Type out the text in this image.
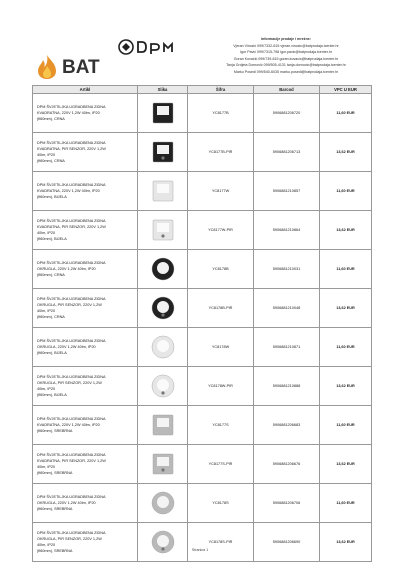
BAT
Informacije prodaje i mrežne:
Vjeran Vinozić 099/7332-615 vjeran.vinozic@batprodaja.tcenter.hr
Igor Pavić 099/7315-798 igor.pavic@batprodaja.tcenter.hr
Goran Kovačić 099/739-615 goran.kovacic@batprodaja.tcenter.hr
Tanja Grdjeta Dornović 099/505-4131 tanja.dornovic@batprodaja.tcenter.hr
Marko Posedi 099/540-6035 marko.posedi@batprodaja.tcenter.hr
Artikl	Slika	Šifra	Barcod	VPC U EUR

DPM ŠVJETILJKA UGRADBENA ZIDNA
KVADRATNA, 220V 1,2W 40lm, IP20
(fi60mm), CRNA		YC8177B	5906881206720	11,60 EUR

DPM ŠVJETILJKA UGRADBENA ZIDNA
KVADRATNA, PIR SENZOR, 220V 1,2W
40lm, IP20
(fi60mm), CRNA		YC8177B-PIR	5906881206713	13,62 EUR

DPM ŠVJETILJKA UGRADBENA ZIDNA
KVADRATNA, 220V 1,2W 40lm, IP20
(fi60mm), BIJELA		YC8177W	5906881210857	11,60 EUR

DPM ŠVJETILJKA UGRADBENA ZIDNA
KVADRATNA, PIR SENZOR, 220V 1,2W
40lm, IP20
(fi60mm), BIJELA		YC8177W-PIR	5906881210864	13,62 EUR

DPM ŠVJETILJKA UGRADBENA ZIDNA
OKRUGLA, 220V 1,2W 40lm, IP20
(fi60mm), CRNA		YC8178B	5906881210031	11,60 EUR

DPM ŠVJETILJKA UGRADBENA ZIDNA
OKRUGLA, PIR SENZOR, 220V 1,2W
40lm, IP20
(fi60mm), CRNA		YC8178B-PIR	5906881210048	13,62 EUR

DPM ŠVJETILJKA UGRADBENA ZIDNA
OKRUGLA, 220V 1,2W 40lm, IP20
(fi60mm), BIJELA		YC8178W	5906881210871	11,60 EUR

DPM ŠVJETILJKA UGRADBENA ZIDNA
OKRUGLA, PIR SENZOR, 220V 1,2W
40lm, IP20
(fi60mm), BIJELA		YC8178W-PIR	5906881210888	13,62 EUR

DPM ŠVJETILJKA UGRADBENA ZIDNA
KVADRATNA, 220V 1,2W 40lm, IP20
(fi60mm), SREBRNA		YC8177S	5906881206683	11,60 EUR

DPM ŠVJETILJKA UGRADBENA ZIDNA
KVADRATNA, PIR SENZOR, 220V 1,2W
40lm, IP20
(fi60mm), SREBRNA		YC8177S-PIR	5906881206676	13,62 EUR

DPM ŠVJETILJKA UGRADBENA ZIDNA
OKRUGLA, 220V 1,2W 40lm, IP20
(fi60mm), SREBRNA		YC8178S	5906881206706	11,60 EUR

DPM ŠVJETILJKA UGRADBENA ZIDNA
OKRUGLA, PIR SENZOR, 220V 1,2W
40lm, IP20
(fi60mm), SREBRNA		YC8178S-PIR	5906881206690	13,62 EUR
Stranica 1
